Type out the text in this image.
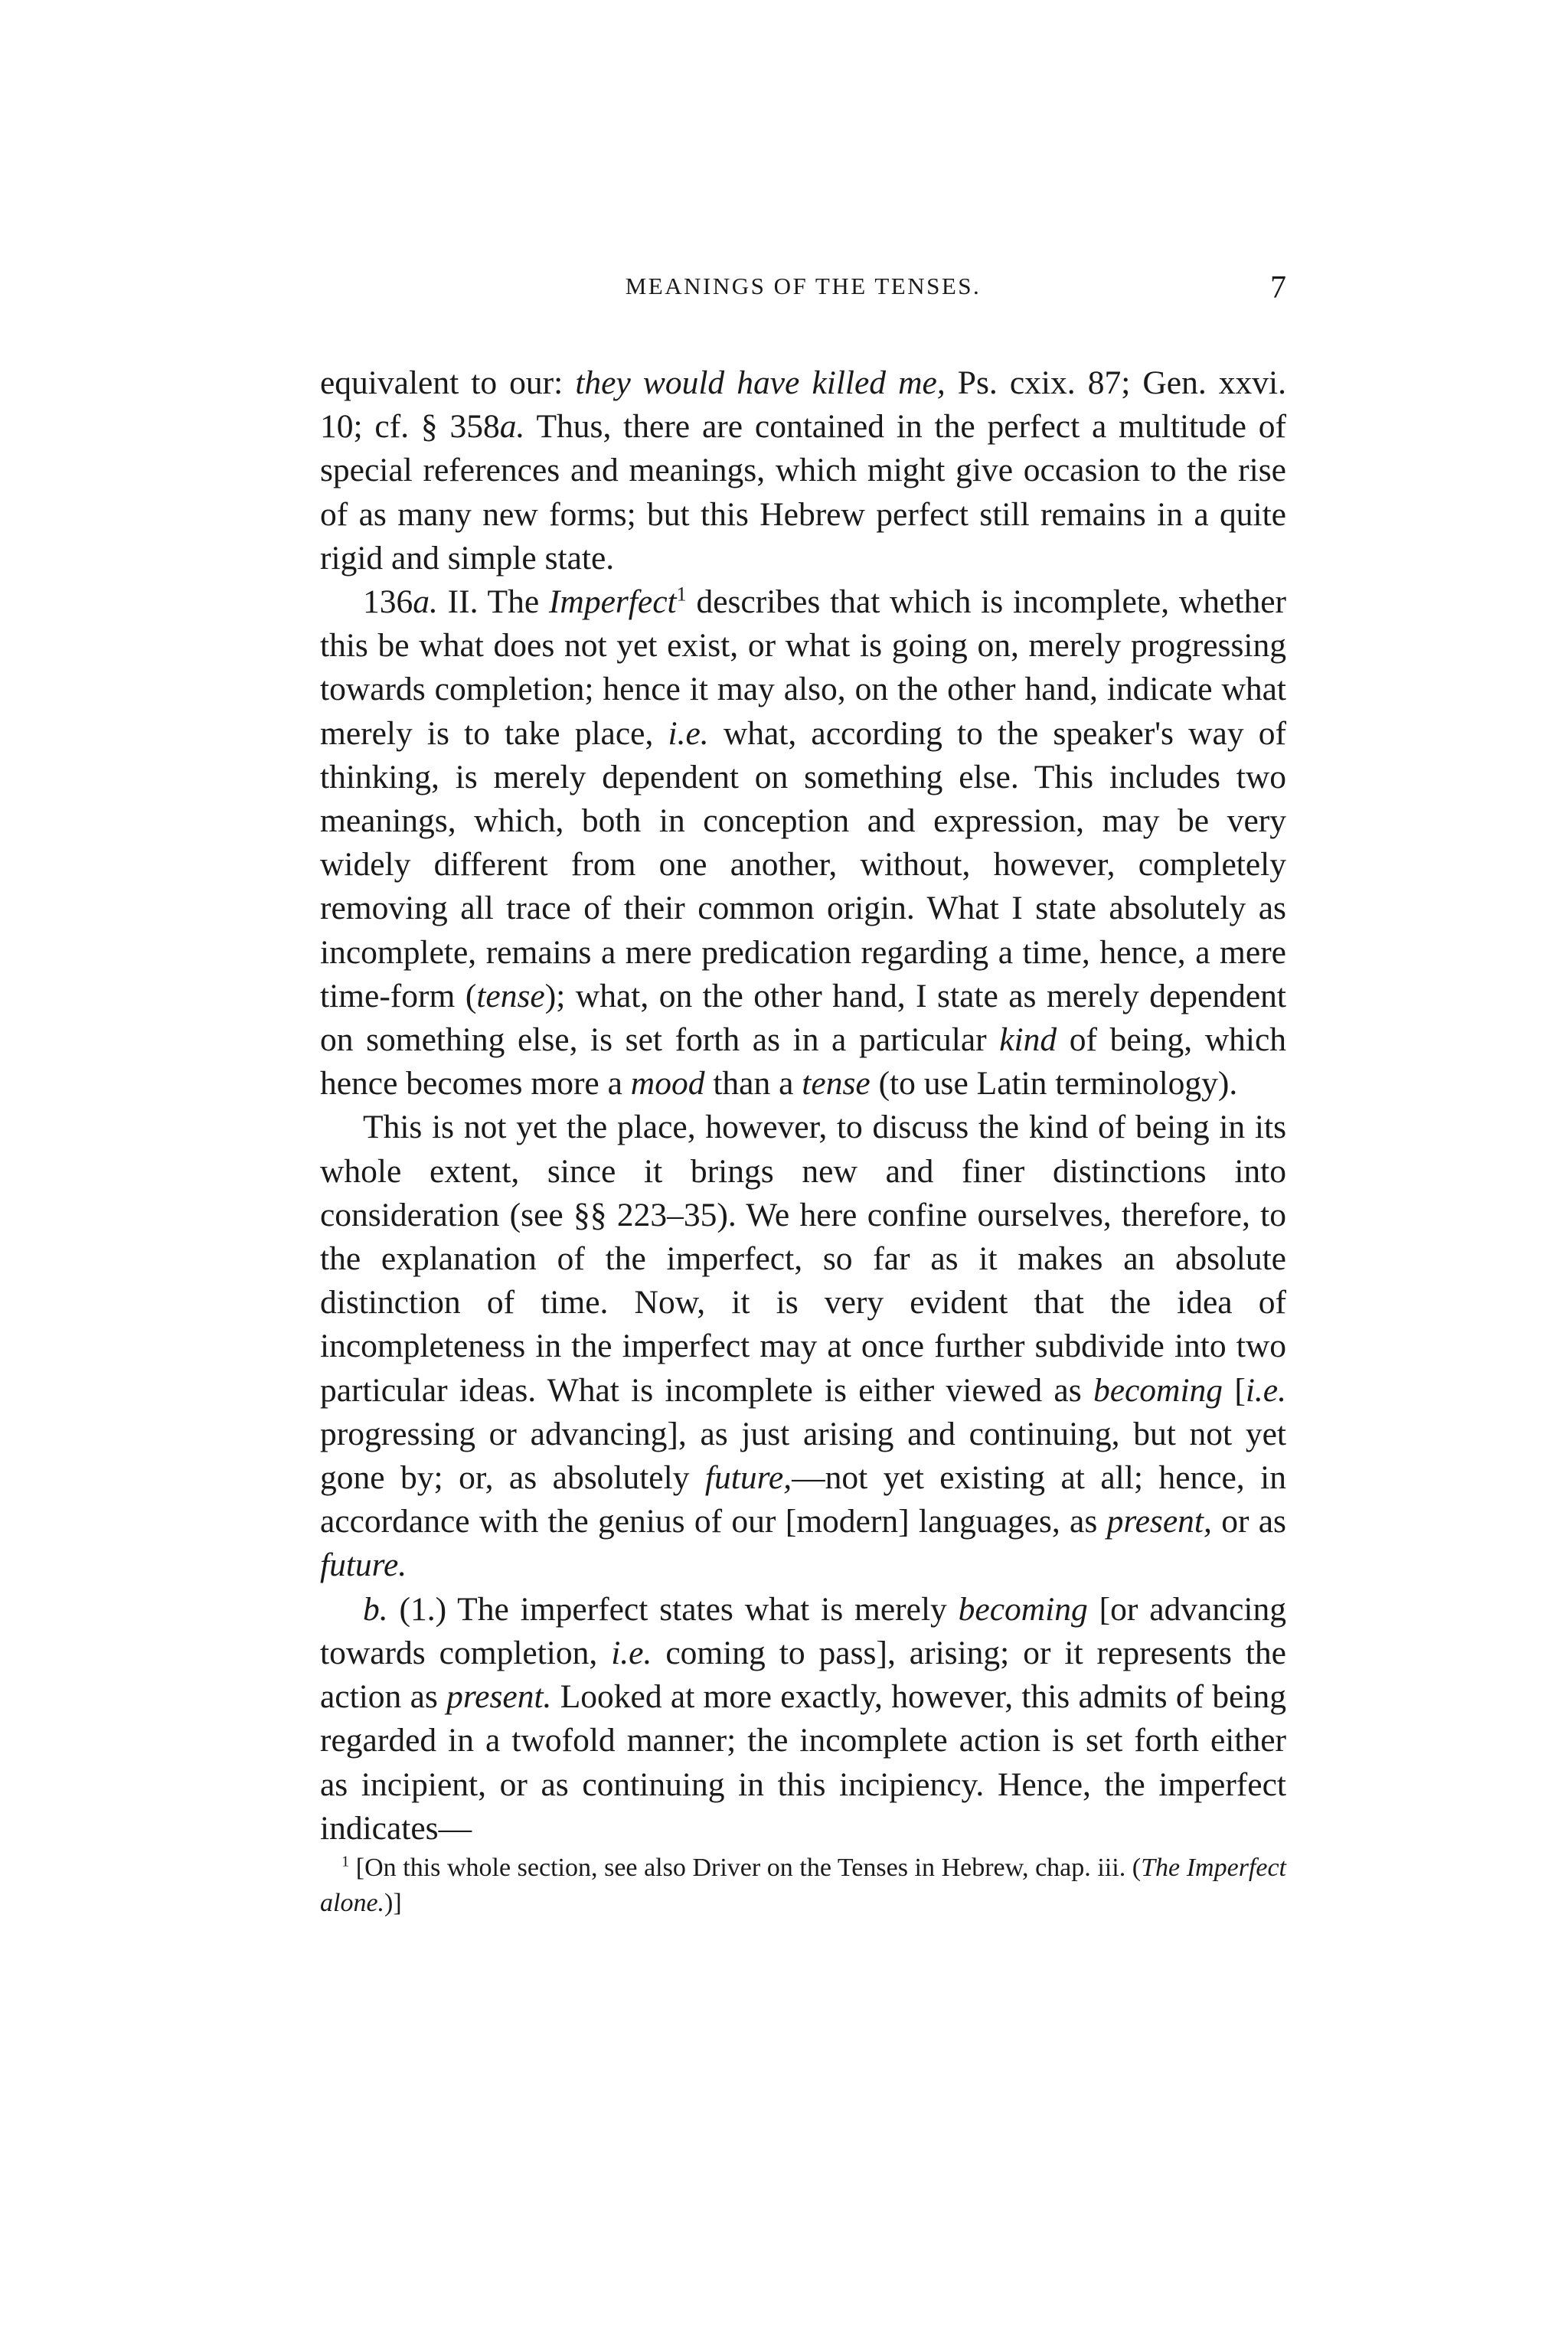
MEANINGS OF THE TENSES.	7

equivalent to our: they would have killed me, Ps. cxix. 87; Gen. xxvi. 10; cf. § 358a. Thus, there are contained in the perfect a multitude of special references and meanings, which might give occasion to the rise of as many new forms; but this Hebrew perfect still remains in a quite rigid and simple state.

136a. II. The Imperfect$^1$ describes that which is incomplete, whether this be what does not yet exist, or what is going on, merely progressing towards completion; hence it may also, on the other hand, indicate what merely is to take place, i.e. what, according to the speaker's way of thinking, is merely dependent on something else. This includes two meanings, which, both in conception and expression, may be very widely different from one another, without, however, completely removing all trace of their common origin. What I state absolutely as incomplete, remains a mere predication regarding a time, hence, a mere time-form (tense); what, on the other hand, I state as merely dependent on something else, is set forth as in a particular kind of being, which hence becomes more a mood than a tense (to use Latin terminology).

This is not yet the place, however, to discuss the kind of being in its whole extent, since it brings new and finer distinctions into consideration (see §§ 223–35). We here confine ourselves, therefore, to the explanation of the imperfect, so far as it makes an absolute distinction of time. Now, it is very evident that the idea of incompleteness in the imperfect may at once further subdivide into two particular ideas. What is incomplete is either viewed as becoming [i.e. progressing or advancing], as just arising and continuing, but not yet gone by; or, as absolutely future,—not yet existing at all; hence, in accordance with the genius of our [modern] languages, as present, or as future.

b. (1.) The imperfect states what is merely becoming [or advancing towards completion, i.e. coming to pass], arising; or it represents the action as present. Looked at more exactly, however, this admits of being regarded in a twofold manner; the incomplete action is set forth either as incipient, or as continuing in this incipiency. Hence, the imperfect indicates—

$^1$ [On this whole section, see also Driver on the Tenses in Hebrew, chap. iii. (The Imperfect alone.)]
